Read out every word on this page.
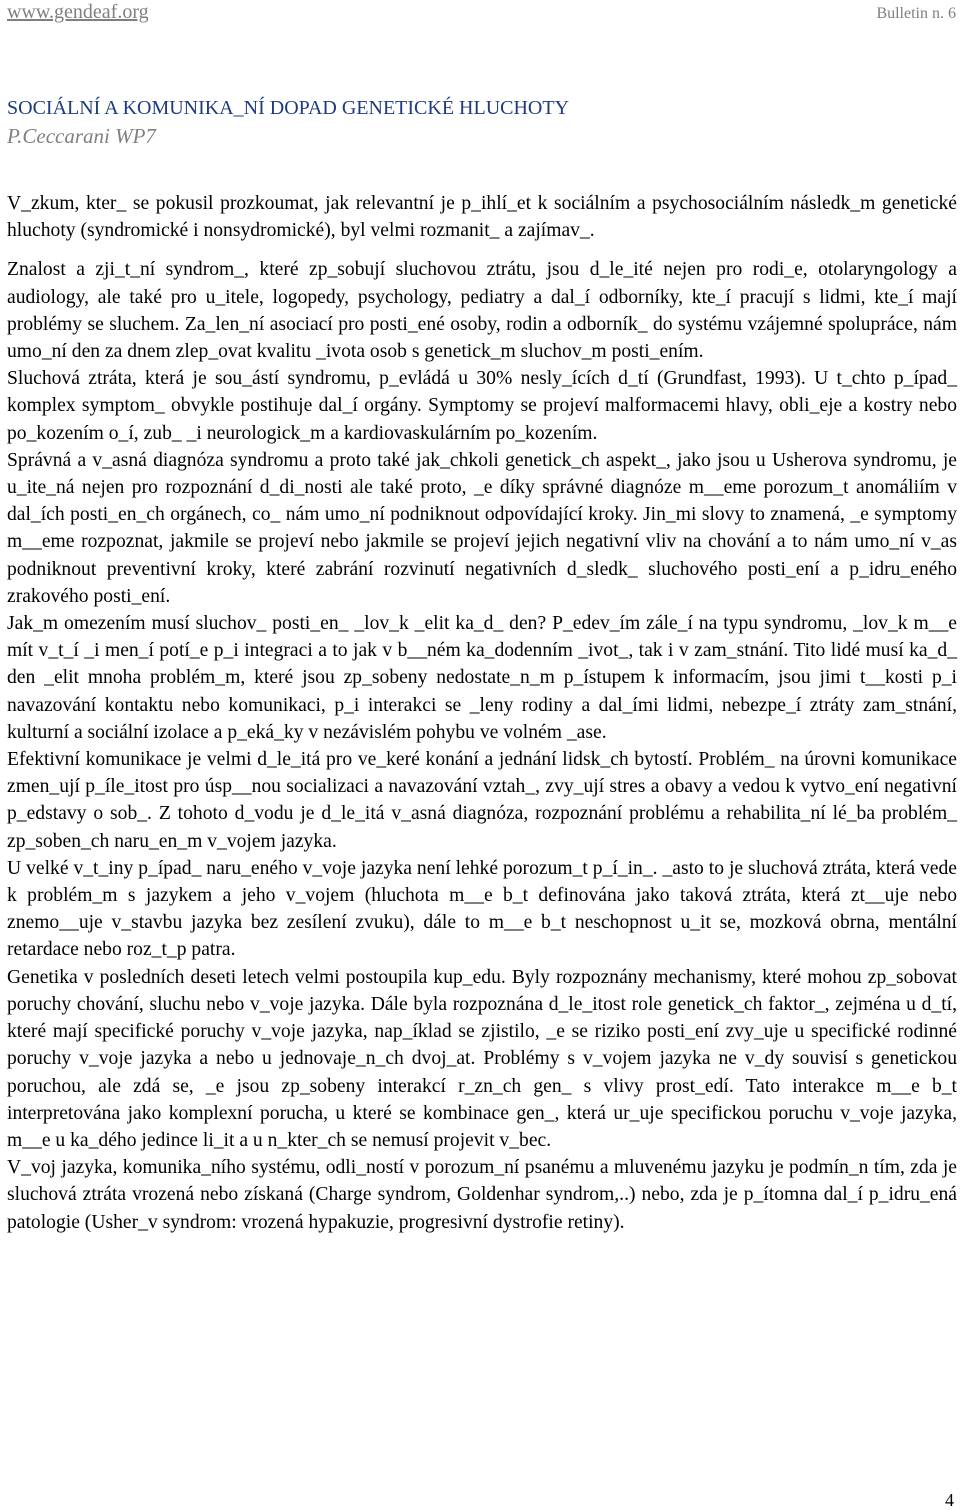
www.gendeaf.org	Bulletin n. 6
SOCIÁLNÍ A KOMUNIKA_NÍ DOPAD GENETICKÉ HLUCHOTY
P.Ceccarani WP7

V_zkum, kter_ se pokusil prozkoumat, jak relevantní je p_ihlí_et k sociálním a psychosociálním následk_m genetické hluchoty (syndromické i nonsydromické), byl velmi rozmanit_ a zajímav_.

Znalost a zji_t_ní syndrom_, které zp_sobují sluchovou ztrátu, jsou d_le_ité nejen pro rodi_e, otolaryngology a audiology, ale také pro u_itele, logopedy, psychology, pediatry a dal_í odborníky, kte_í pracují s lidmi, kte_í mají problémy se sluchem. Za_len_ní asociací pro posti_ené osoby, rodin a odborník_ do systému vzájemné spolupráce, nám umo_ní den za dnem zlep_ovat kvalitu _ivota osob s genetick_m sluchov_m posti_ením.

Sluchová ztráta, která je sou_ástí syndromu, p_evládá u 30% nesly_ících d_tí (Grundfast, 1993). U t_chto p_ípad_ komplex symptom_ obvykle postihuje dal_í orgány. Symptomy se projeví malformacemi hlavy, obli_eje a kostry nebo po_kozením o_í, zub_ _i neurologick_m a kardiovaskulárním po_kozením.

Správná a v_asná diagnóza syndromu a proto také jak_chkoli genetick_ch aspekt_, jako jsou u Usherova syndromu, je u_ite_ná nejen pro rozpoznání d_di_nosti ale také proto, _e díky správné diagnóze m__eme porozum_t anomáliím v dal_ích posti_en_ch orgánech, co_ nám umo_ní podniknout odpovídající kroky. Jin_mi slovy to znamená, _e symptomy m__eme rozpoznat, jakmile se projeví nebo jakmile se projeví jejich negativní vliv na chování a to nám umo_ní v_as podniknout preventivní kroky, které zabrání rozvinutí negativních d_sledk_ sluchového posti_ení a p_idru_eného zrakového posti_ení.

Jak_m omezením musí sluchov_ posti_en_ _lov_k _elit ka_d_ den? P_edev_ím zále_í na typu syndromu, _lov_k m__e mít v_t_í _i men_í potí_e p_i integraci a to jak v b__ném ka_dodenním _ivot_, tak i v zam_stnání. Tito lidé musí ka_d_ den _elit mnoha problém_m, které jsou zp_sobeny nedostate_n_m p_ístupem k informacím, jsou jimi t__kosti p_i navazování kontaktu nebo komunikaci, p_i interakci se _leny rodiny a dal_ími lidmi, nebezpe_í ztráty zam_stnání, kulturní a sociální izolace a p_eká_ky v nezávislém pohybu ve volném _ase.

Efektivní komunikace je velmi d_le_itá pro ve_keré konání a jednání lidsk_ch bytostí. Problém_ na úrovni komunikace zmen_ují p_íle_itost pro úsp__nou socializaci a navazování vztah_, zvy_ují stres a obavy a vedou k vytvo_ení negativní p_edstavy o sob_. Z tohoto d_vodu je d_le_itá v_asná diagnóza, rozpoznání problému a rehabilita_ní lé_ba problém_ zp_soben_ch naru_en_m v_vojem jazyka.

U velké v_t_iny p_ípad_ naru_eného v_voje jazyka není lehké porozum_t p_í_in_. _asto to je sluchová ztráta, která vede k problém_m s jazykem a jeho v_vojem (hluchota m__e b_t definována jako taková ztráta, která zt__uje nebo znemo__uje v_stavbu jazyka bez zesílení zvuku), dále to m__e b_t neschopnost u_it se, mozková obrna, mentální retardace nebo roz_t_p patra.

Genetika v posledních deseti letech velmi postoupila kup_edu. Byly rozpoznány mechanismy, které mohou zp_sobovat poruchy chování, sluchu nebo v_voje jazyka. Dále byla rozpoznána d_le_itost role genetick_ch faktor_, zejména u d_tí, které mají specifické poruchy v_voje jazyka, nap_íklad se zjistilo, _e se riziko posti_ení zvy_uje u specifické rodinné poruchy v_voje jazyka a nebo u jednovaje_n_ch dvoj_at. Problémy s v_vojem jazyka ne v_dy souvisí s genetickou poruchou, ale zdá se, _e jsou zp_sobeny interakcí r_zn_ch gen_ s vlivy prost_edí. Tato interakce m__e b_t interpretována jako komplexní porucha, u které se kombinace gen_, která ur_uje specifickou poruchu v_voje jazyka, m__e u ka_dého jedince li_it a u n_kter_ch se nemusí projevit v_bec.

V_voj jazyka, komunika_ního systému, odli_ností v porozum_ní psanému a mluvenému jazyku je podmín_n tím, zda je sluchová ztráta vrozená nebo získaná (Charge syndrom, Goldenhar syndrom,..) nebo, zda je p_ítomna dal_í p_idru_ená patologie (Usher_v syndrom: vrozená hypakuzie, progresivní dystrofie retiny).

4
